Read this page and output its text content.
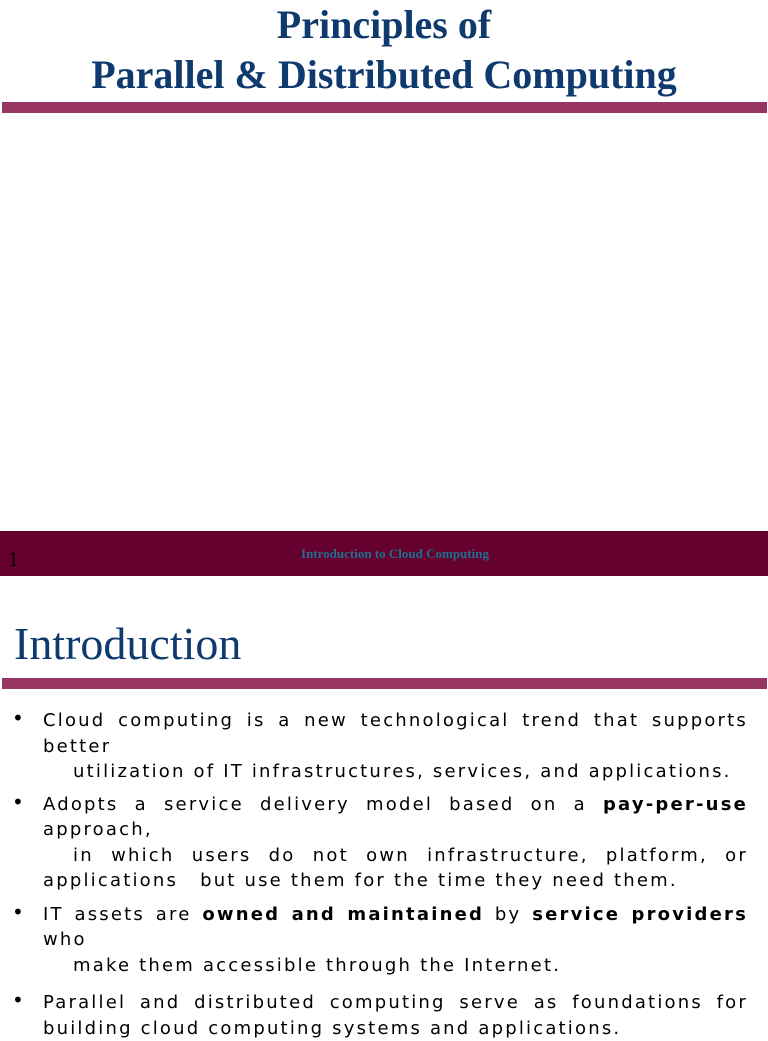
Principles of
Parallel & Distributed Computing
1	Introduction to Cloud Computing
Introduction
• Cloud computing is a new technological trend that supports better

utilization of IT infrastructures, services, and applications.

• Adopts a service delivery model based on a pay-per-use approach,

in which users do not own infrastructure, platform, or

applications but use them for the time they need them.

• IT assets are owned and maintained by service providers who

make them accessible through the Internet.

• Parallel and distributed computing serve as foundations for

building cloud computing systems and applications.
